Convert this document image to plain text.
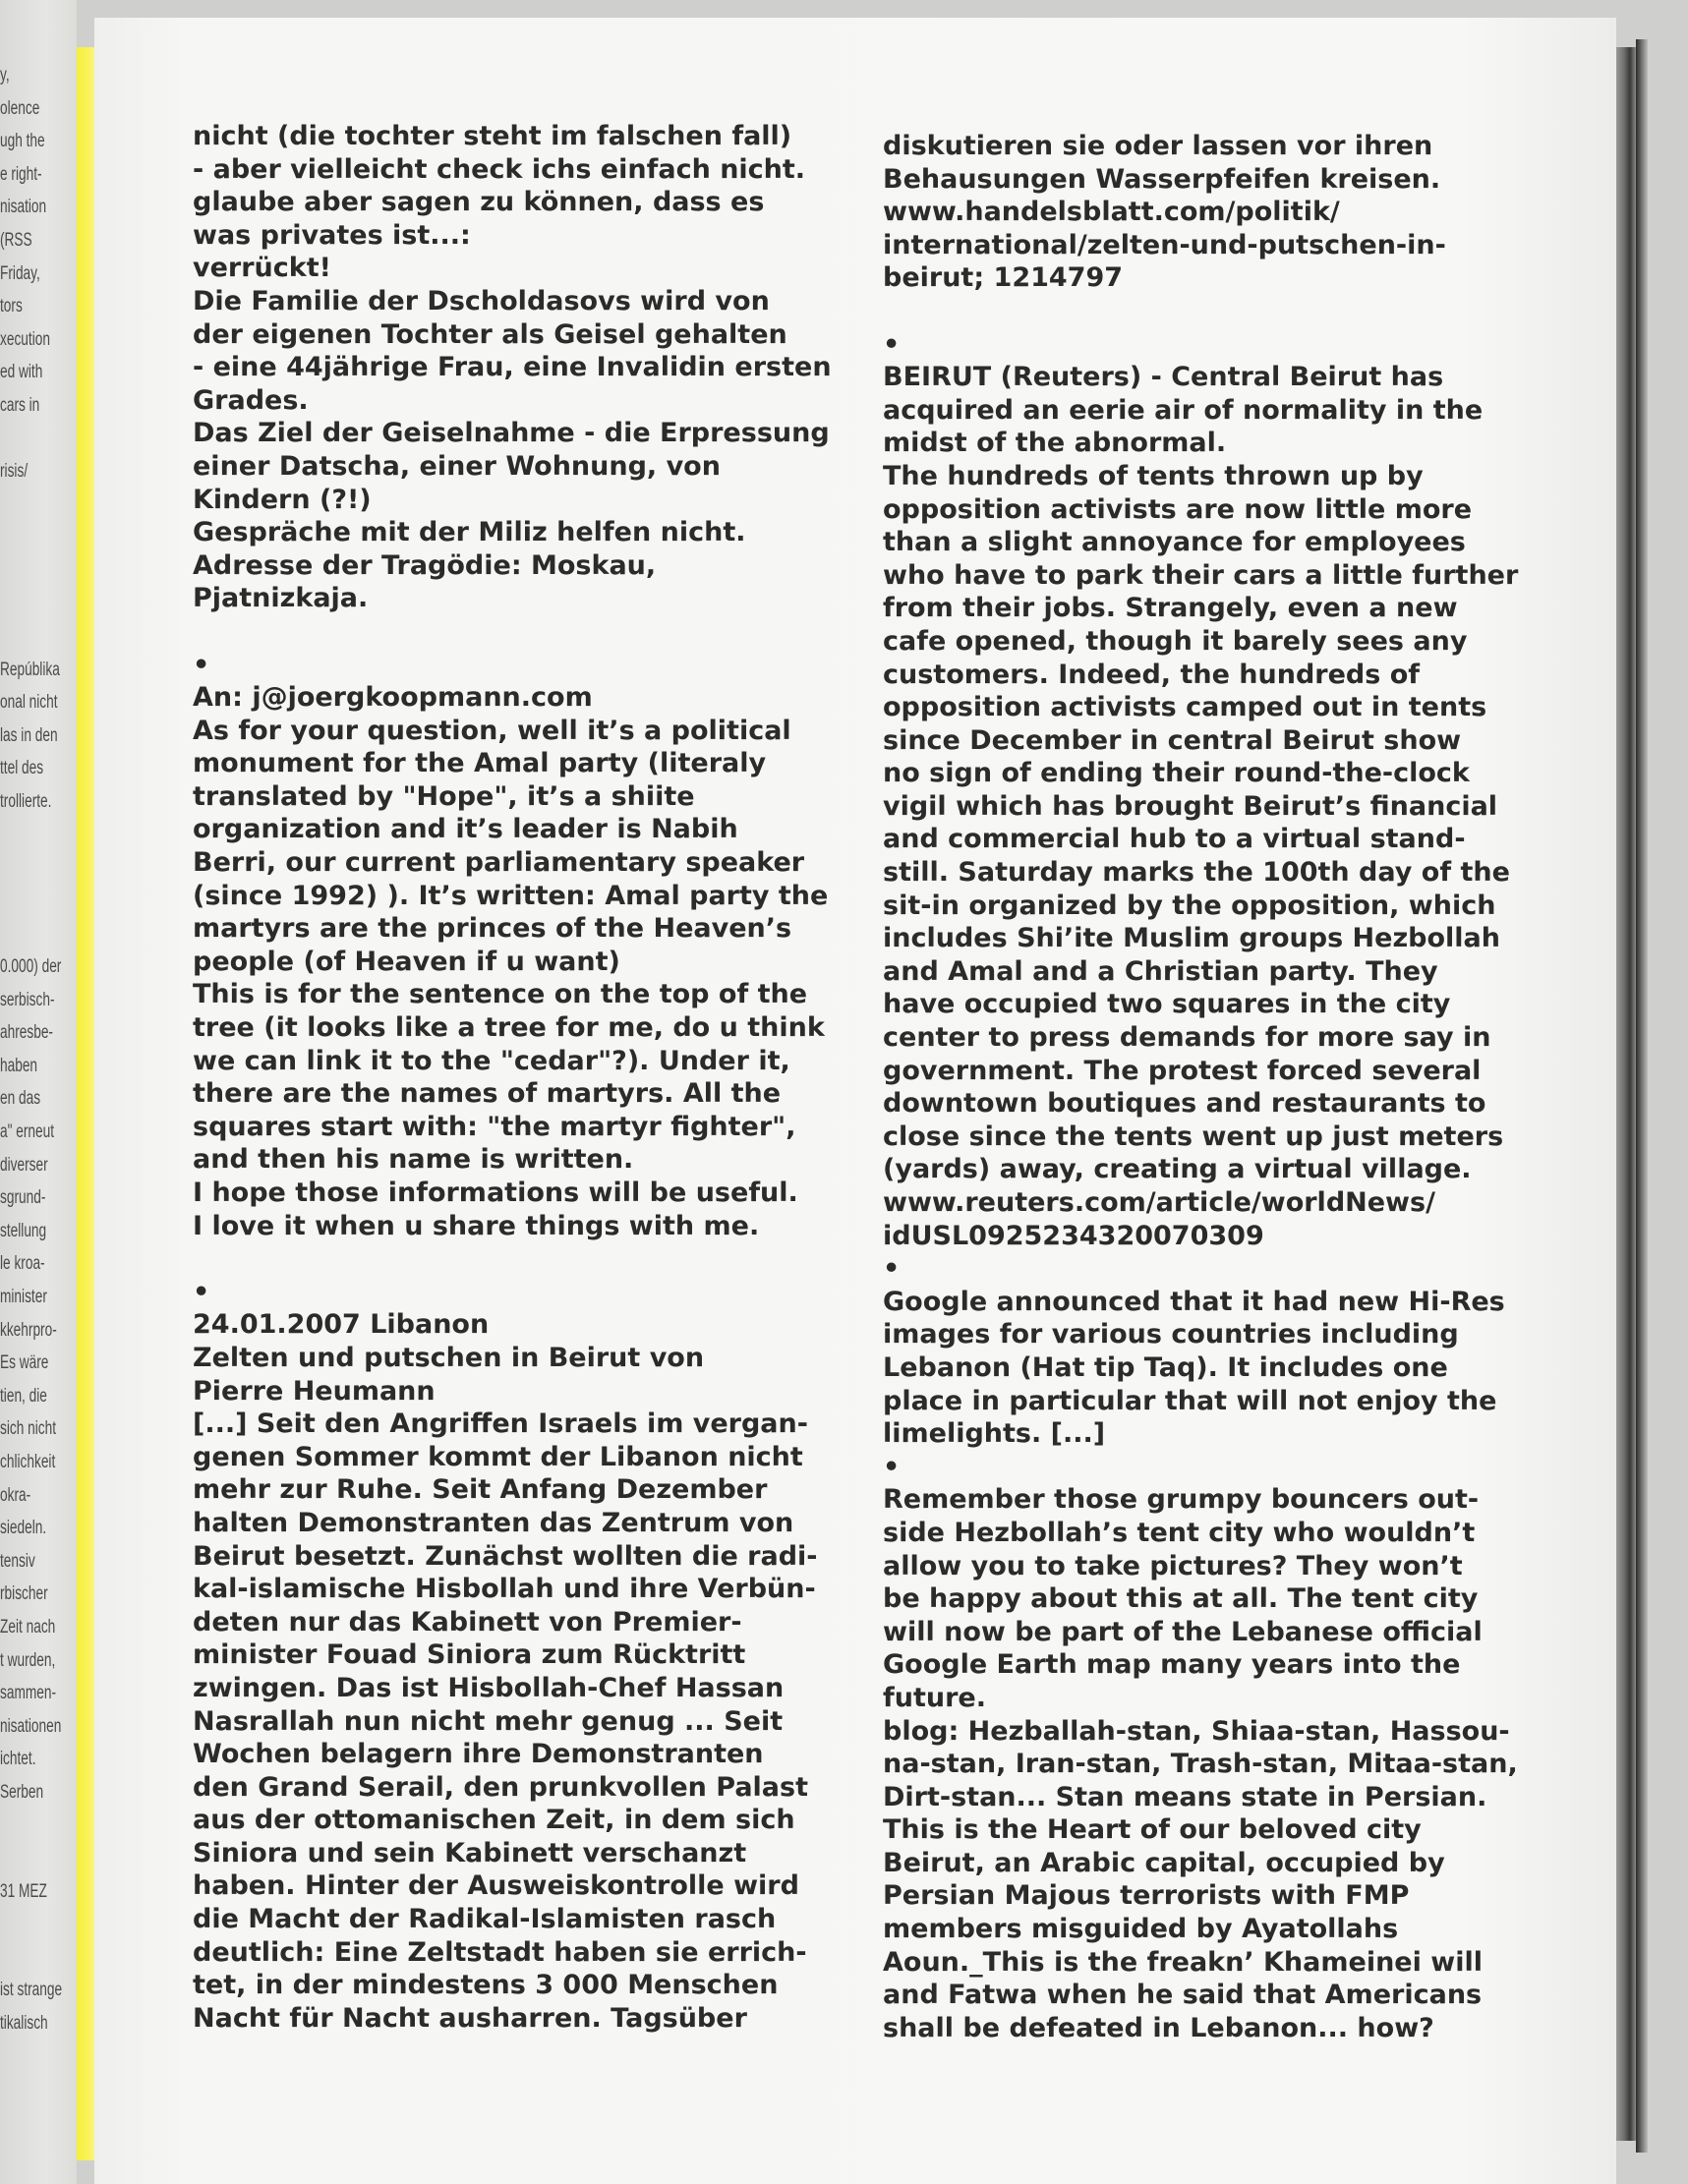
y,
olence
ugh the
e right-
nisation
(RSS
Friday,
tors
xecution
ed with
cars in
risis/
Repúblika
onal nicht
las in den
ttel des
trollierte.
0.000) der
serbisch-
ahresbe-
haben
en das
a" erneut
diverser
sgrund-
stellung
le kroa-
minister
kkehrpro-
Es wäre
tien, die
sich nicht
chlichkeit
okra-
siedeln.
tensiv
rbischer
Zeit nach
t wurden,
sammen-
nisationen
ichtet.
Serben
31 MEZ
ist strange
tikalisch
nicht (die tochter steht im falschen fall)
- aber vielleicht check ichs einfach nicht.
glaube aber sagen zu können, dass es
was privates ist...:
verrückt!
Die Familie der Dscholdasovs wird von
der eigenen Tochter als Geisel gehalten
- eine 44jährige Frau, eine Invalidin ersten
Grades.
Das Ziel der Geiselnahme - die Erpressung
einer Datscha, einer Wohnung, von
Kindern (?!)
Gespräche mit der Miliz helfen nicht.
Adresse der Tragödie: Moskau,
Pjatnizkaja.
•
An: j@joergkoopmann.com
As for your question, well it’s a political
monument for the Amal party (literaly
translated by "Hope", it’s a shiite
organization and it’s leader is Nabih
Berri, our current parliamentary speaker
(since 1992) ). It’s written: Amal party the
martyrs are the princes of the Heaven’s
people (of Heaven if u want)
This is for the sentence on the top of the
tree (it looks like a tree for me, do u think
we can link it to the "cedar"?). Under it,
there are the names of martyrs. All the
squares start with: "the martyr fighter",
and then his name is written.
I hope those informations will be useful.
I love it when u share things with me.
•
24.01.2007 Libanon
Zelten und putschen in Beirut von
Pierre Heumann
[...] Seit den Angriffen Israels im vergan-
genen Sommer kommt der Libanon nicht
mehr zur Ruhe. Seit Anfang Dezember
halten Demonstranten das Zentrum von
Beirut besetzt. Zunächst wollten die radi-
kal-islamische Hisbollah und ihre Verbün-
deten nur das Kabinett von Premier-
minister Fouad Siniora zum Rücktritt
zwingen. Das ist Hisbollah-Chef Hassan
Nasrallah nun nicht mehr genug ... Seit
Wochen belagern ihre Demonstranten
den Grand Serail, den prunkvollen Palast
aus der ottomanischen Zeit, in dem sich
Siniora und sein Kabinett verschanzt
haben. Hinter der Ausweiskontrolle wird
die Macht der Radikal-Islamisten rasch
deutlich: Eine Zeltstadt haben sie errich-
tet, in der mindestens 3 000 Menschen
Nacht für Nacht ausharren. Tagsüber
diskutieren sie oder lassen vor ihren
Behausungen Wasserpfeifen kreisen.
www.handelsblatt.com/politik/
international/zelten-und-putschen-in-
beirut; 1214797
•
BEIRUT (Reuters) - Central Beirut has
acquired an eerie air of normality in the
midst of the abnormal.
The hundreds of tents thrown up by
opposition activists are now little more
than a slight annoyance for employees
who have to park their cars a little further
from their jobs. Strangely, even a new
cafe opened, though it barely sees any
customers. Indeed, the hundreds of
opposition activists camped out in tents
since December in central Beirut show
no sign of ending their round-the-clock
vigil which has brought Beirut’s financial
and commercial hub to a virtual stand-
still. Saturday marks the 100th day of the
sit-in organized by the opposition, which
includes Shi’ite Muslim groups Hezbollah
and Amal and a Christian party. They
have occupied two squares in the city
center to press demands for more say in
government. The protest forced several
downtown boutiques and restaurants to
close since the tents went up just meters
(yards) away, creating a virtual village.
www.reuters.com/article/worldNews/
idUSL0925234320070309
•
Google announced that it had new Hi-Res
images for various countries including
Lebanon (Hat tip Taq). It includes one
place in particular that will not enjoy the
limelights. [...]
•
Remember those grumpy bouncers out-
side Hezbollah’s tent city who wouldn’t
allow you to take pictures? They won’t
be happy about this at all. The tent city
will now be part of the Lebanese official
Google Earth map many years into the
future.
blog: Hezballah-stan, Shiaa-stan, Hassou-
na-stan, Iran-stan, Trash-stan, Mitaa-stan,
Dirt-stan... Stan means state in Persian.
This is the Heart of our beloved city
Beirut, an Arabic capital, occupied by
Persian Majous terrorists with FMP
members misguided by Ayatollahs
Aoun._This is the freakn’ Khameinei will
and Fatwa when he said that Americans
shall be defeated in Lebanon... how?
